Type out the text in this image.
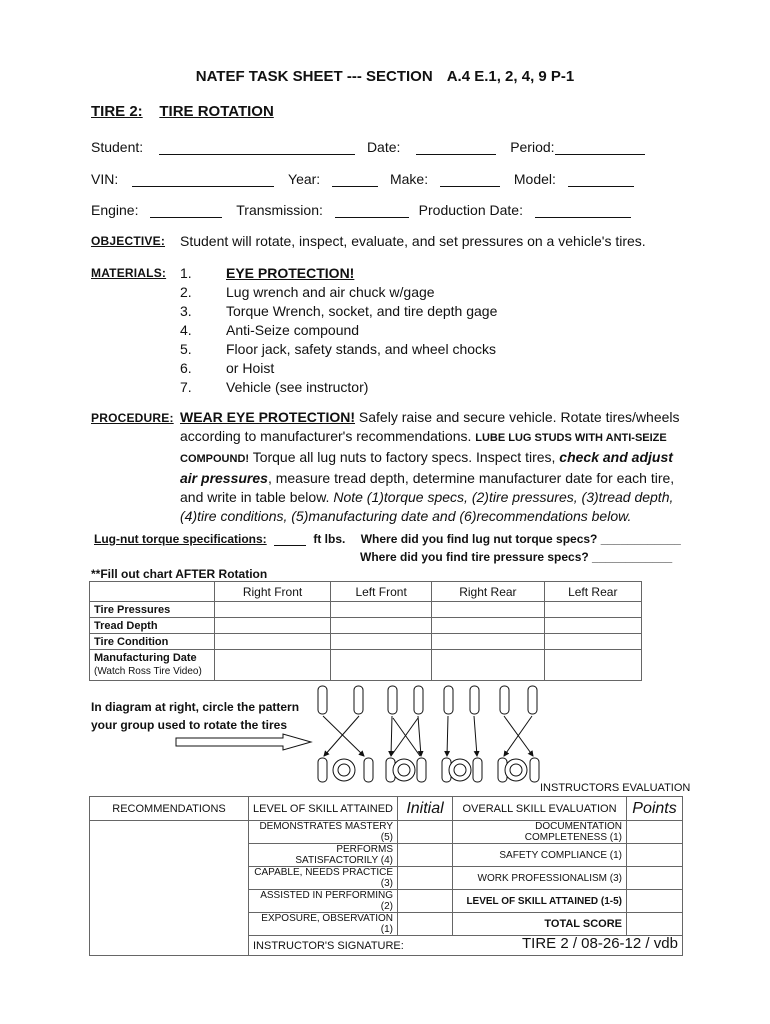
NATEF TASK SHEET --- SECTION A.4 E.1, 2, 4, 9 P-1
TIRE 2: TIRE ROTATION
Student:	Date:	Period:
VIN:	Year:	Make:	Model:
Engine:	Transmission:	Production Date:
OBJECTIVE: Student will rotate, inspect, evaluate, and set pressures on a vehicle's tires.
MATERIALS: 1. EYE PROTECTION!
2. Lug wrench and air chuck w/gage
3. Torque Wrench, socket, and tire depth gage
4. Anti-Seize compound
5. Floor jack, safety stands, and wheel chocks
6. or Hoist
7. Vehicle (see instructor)
PROCEDURE: WEAR EYE PROTECTION! Safely raise and secure vehicle. Rotate tires/wheels according to manufacturer's recommendations. LUBE LUG STUDS WITH ANTI-SEIZE COMPOUND! Torque all lug nuts to factory specs. Inspect tires, check and adjust air pressures, measure tread depth, determine manufacturer date for each tire, and write in table below. Note (1)torque specs, (2)tire pressures, (3)tread depth, (4)tire conditions, (5)manufacturing date and (6)recommendations below.
Lug-nut torque specifications:	ft lbs. Where did you find lug nut torque specs? ____________
Where did you find tire pressure specs? ____________
**Fill out chart AFTER Rotation
	Right Front	Left Front	Right Rear	Left Rear
Tire Pressures				
Tread Depth				
Tire Condition				

Manufacturing Date
(Watch Ross Tire Video)				

In diagram at right, circle the pattern
your group used to rotate the tires
INSTRUCTORS EVALUATION
RECOMMENDATIONS	LEVEL OF SKILL ATTAINED	Initial	OVERALL SKILL EVALUATION	Points
	DEMONSTRATES MASTERY (5)		DOCUMENTATION COMPLETENESS (1)	
	PERFORMS SATISFACTORILY (4)		SAFETY COMPLIANCE (1)	
	CAPABLE, NEEDS PRACTICE (3)		WORK PROFESSIONALISM (3)	
	ASSISTED IN PERFORMING (2)		LEVEL OF SKILL ATTAINED (1-5)	
	EXPOSURE, OBSERVATION (1)		TOTAL SCORE	
	INSTRUCTOR'S SIGNATURE:				TIRE 2 / 08-26-12 / vdb
